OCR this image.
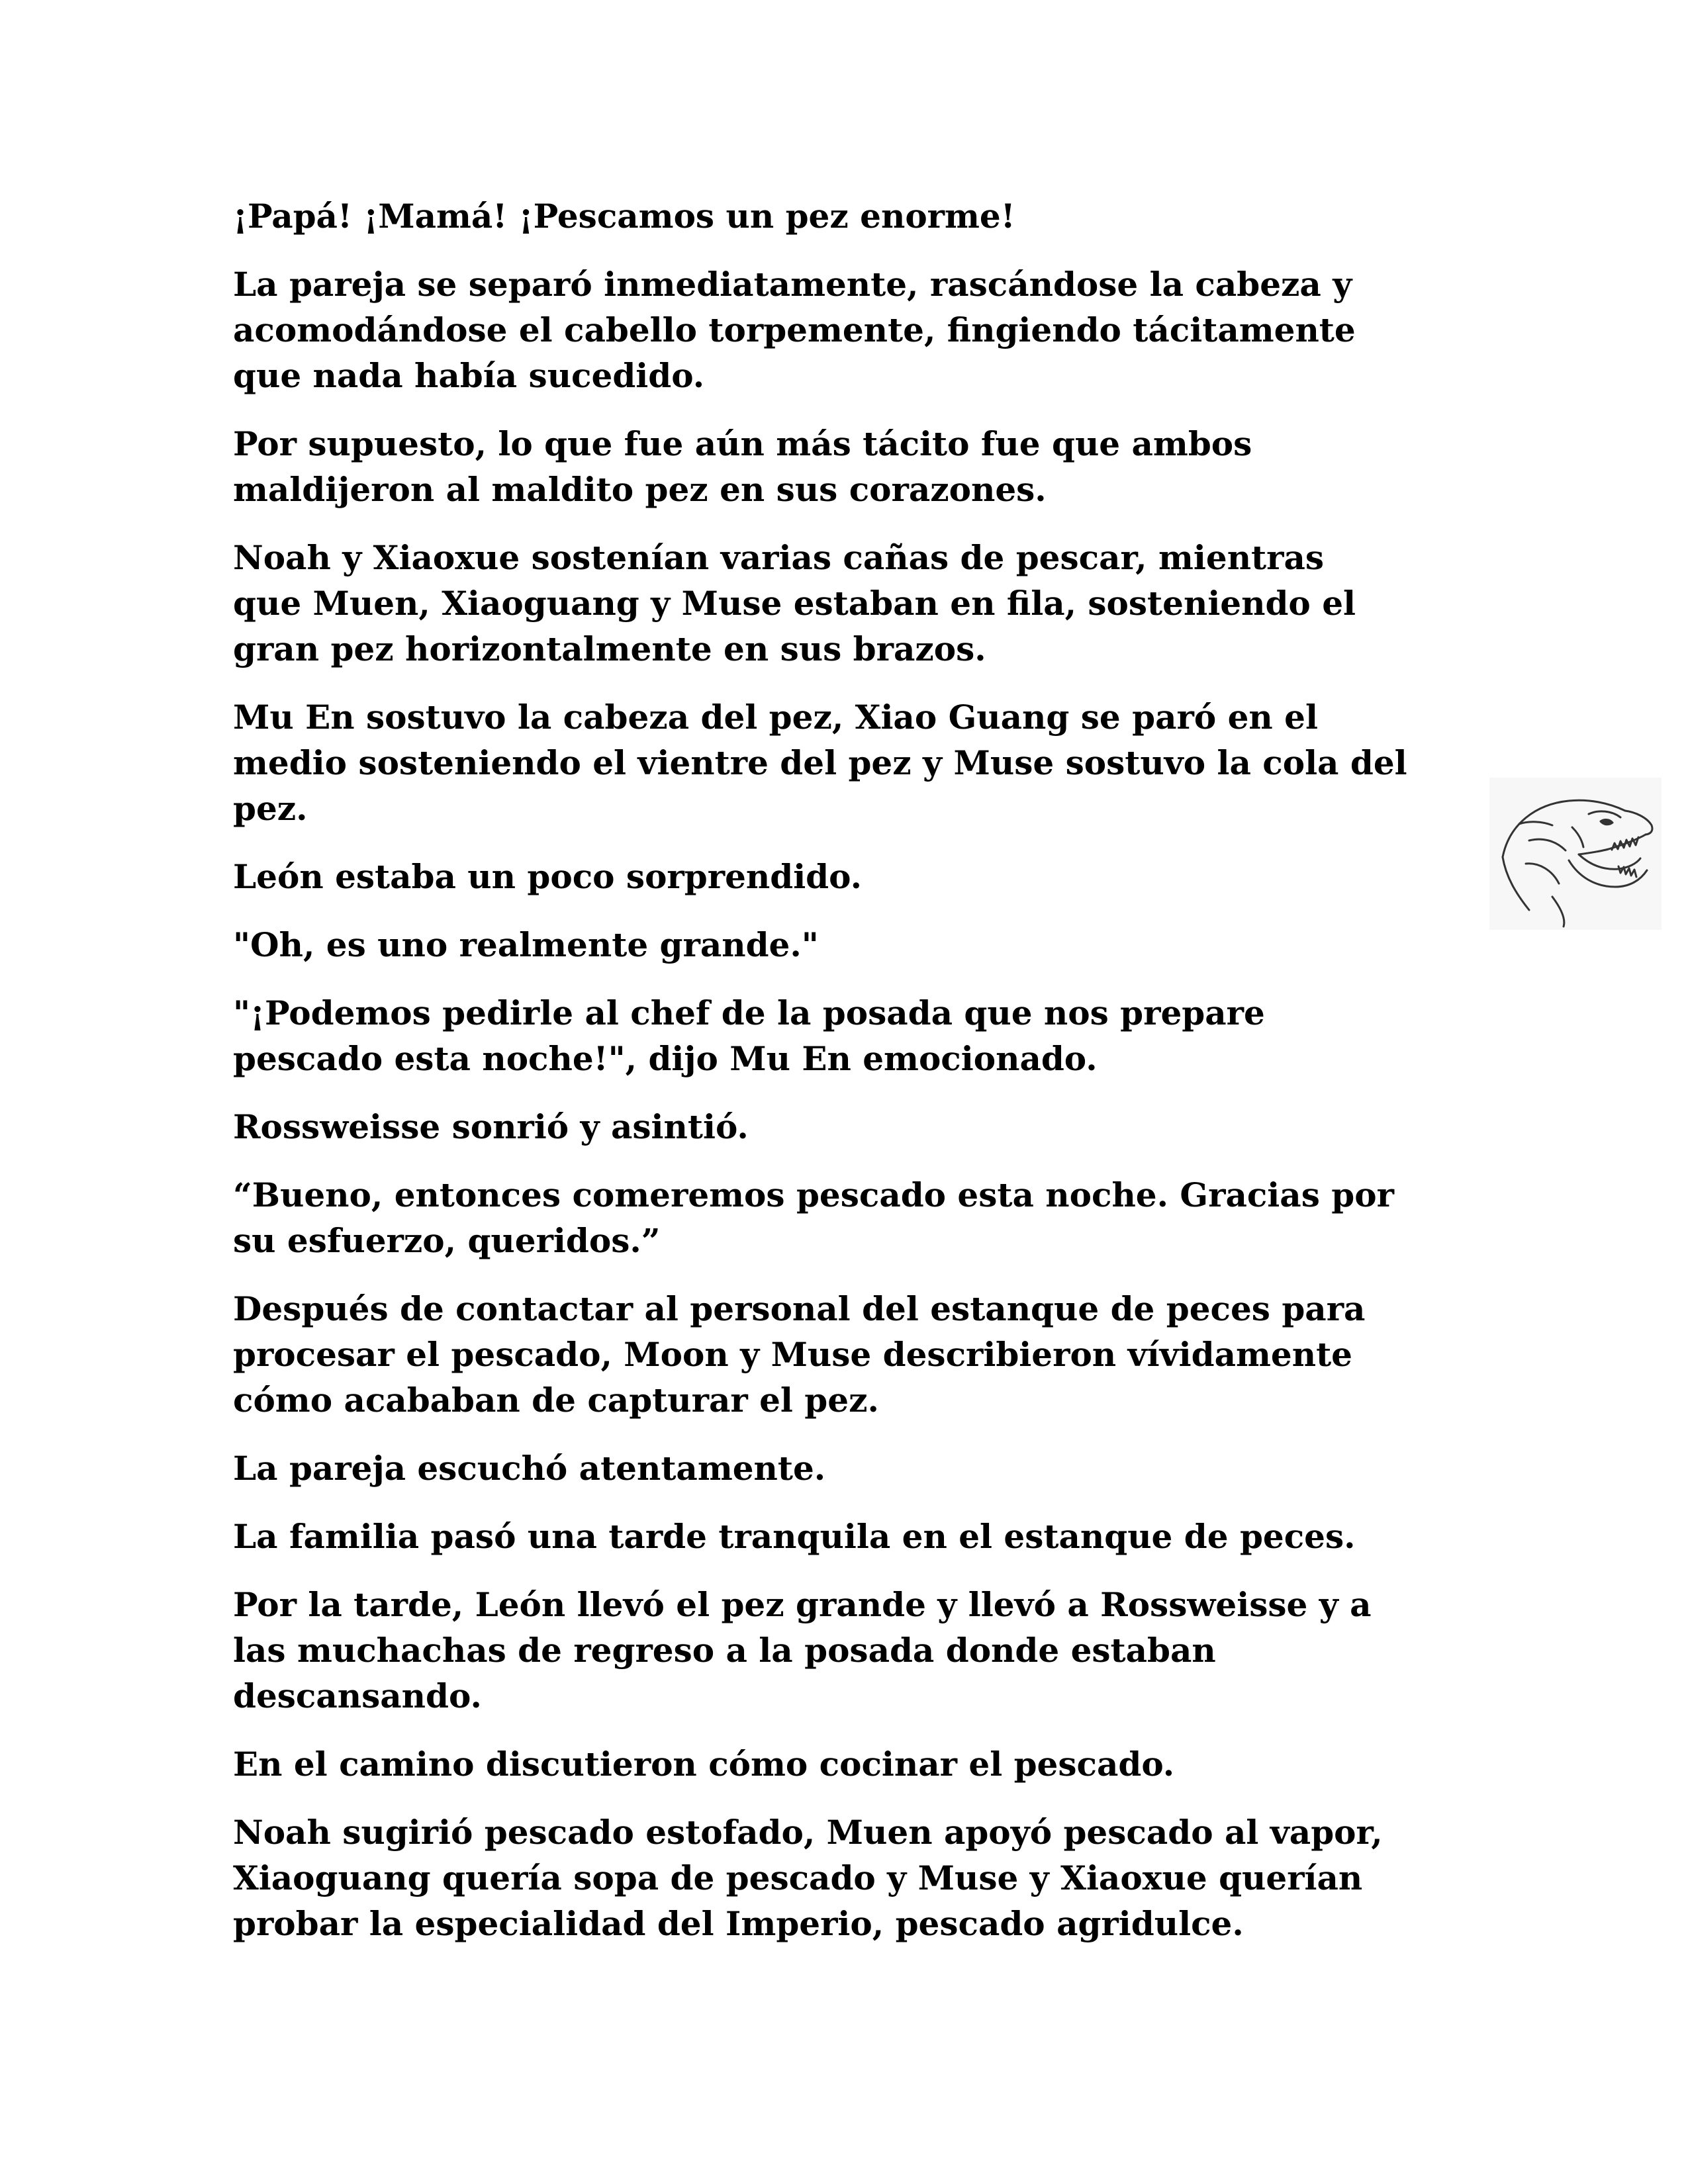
¡Papá! ¡Mamá! ¡Pescamos un pez enorme!

La pareja se separó inmediatamente, rascándose la cabeza y
acomodándose el cabello torpemente, fingiendo tácitamente
que nada había sucedido.

Por supuesto, lo que fue aún más tácito fue que ambos
maldijeron al maldito pez en sus corazones.

Noah y Xiaoxue sostenían varias cañas de pescar, mientras
que Muen, Xiaoguang y Muse estaban en fila, sosteniendo el
gran pez horizontalmente en sus brazos.

Mu En sostuvo la cabeza del pez, Xiao Guang se paró en el
medio sosteniendo el vientre del pez y Muse sostuvo la cola del
pez.

León estaba un poco sorprendido.

"Oh, es uno realmente grande."

"¡Podemos pedirle al chef de la posada que nos prepare
pescado esta noche!", dijo Mu En emocionado.

Rossweisse sonrió y asintió.

“Bueno, entonces comeremos pescado esta noche. Gracias por
su esfuerzo, queridos.”

Después de contactar al personal del estanque de peces para
procesar el pescado, Moon y Muse describieron vívidamente
cómo acababan de capturar el pez.

La pareja escuchó atentamente.

La familia pasó una tarde tranquila en el estanque de peces.

Por la tarde, León llevó el pez grande y llevó a Rossweisse y a
las muchachas de regreso a la posada donde estaban
descansando.

En el camino discutieron cómo cocinar el pescado.

Noah sugirió pescado estofado, Muen apoyó pescado al vapor,
Xiaoguang quería sopa de pescado y Muse y Xiaoxue querían
probar la especialidad del Imperio, pescado agridulce.
